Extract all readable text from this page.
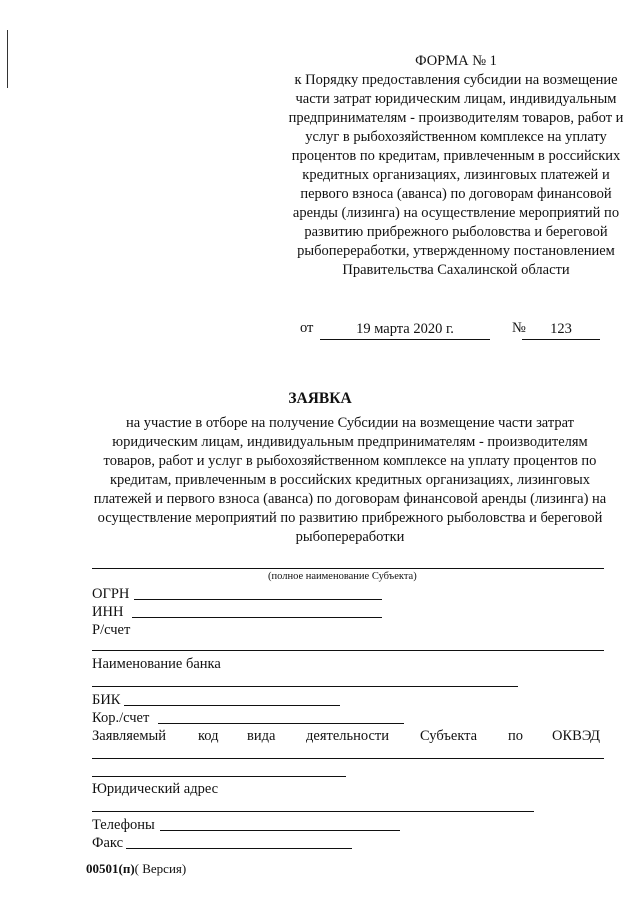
ФОРМА № 1
к Порядку предоставления субсидии на возмещение части затрат юридическим лицам, индивидуальным предпринимателям - производителям товаров, работ и услуг в рыбохозяйственном комплексе на уплату процентов по кредитам, привлеченным в российских кредитных организациях, лизинговых платежей и первого взноса (аванса) по договорам финансовой аренды (лизинга) на осуществление мероприятий по развитию прибрежного рыболовства и береговой рыбопереработки, утвержденному постановлением Правительства Сахалинской области
от	19 марта 2020 г.	№	123
ЗАЯВКА
на участие в отборе на получение Субсидии на возмещение части затрат юридическим лицам, индивидуальным предпринимателям - производителям товаров, работ и услуг в рыбохозяйственном комплексе на уплату процентов по кредитам, привлеченным в российских кредитных организациях, лизинговых платежей и первого взноса (аванса) по договорам финансовой аренды (лизинга) на осуществление мероприятий по развитию прибрежного рыболовства и береговой рыбопереработки
(полное наименование Субъекта)
ОГРН
ИНН
Р/счет
Наименование банка
БИК
Кор./счет
Заявляемый код вида деятельности Субъекта по ОКВЭД
Юридический адрес
Телефоны
Факс
00501(п)( Версия)
